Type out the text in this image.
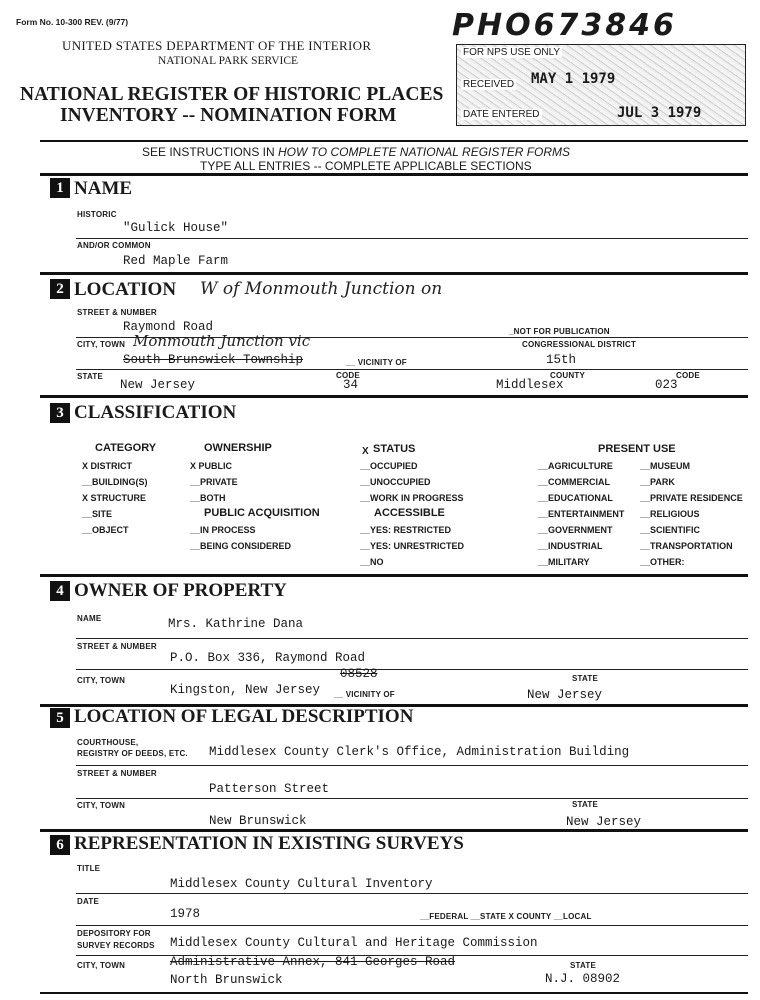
Form No. 10-300 REV. (9/77)
UNITED STATES DEPARTMENT OF THE INTERIOR
NATIONAL PARK SERVICE
NATIONAL REGISTER OF HISTORIC PLACES
INVENTORY -- NOMINATION FORM
PHO673846
FOR NPS USE ONLY
RECEIVED MAY 1 1979
DATE ENTERED	JUL 3 1979
SEE INSTRUCTIONS IN HOW TO COMPLETE NATIONAL REGISTER FORMS
TYPE ALL ENTRIES -- COMPLETE APPLICABLE SECTIONS
1 NAME
HISTORIC
"Gulick House"
AND/OR COMMON
Red Maple Farm
2 LOCATION W of Monmouth Junction on
STREET & NUMBER
Raymond Road	_NOT FOR PUBLICATION
CITY, TOWN Monmouth Junction vic	CONGRESSIONAL DISTRICT
South Brunswick Township	__ VICINITY OF	15th
STATE
New Jersey
CODE
34
COUNTY
Middlesex
CODE
023
3 CLASSIFICATION
CATEGORY
X DISTRICT
__BUILDING(S)
X STRUCTURE
__SITE
__OBJECT
OWNERSHIP
X PUBLIC
__PRIVATE
__BOTH
PUBLIC ACQUISITION
__IN PROCESS
__BEING CONSIDERED
X STATUS
__OCCUPIED
__UNOCCUPIED
__WORK IN PROGRESS
ACCESSIBLE
__YES: RESTRICTED
__YES: UNRESTRICTED
__NO
PRESENT USE
__AGRICULTURE
__COMMERCIAL
__EDUCATIONAL
__ENTERTAINMENT
__GOVERNMENT
__INDUSTRIAL
__MILITARY
__MUSEUM
__PARK
__PRIVATE RESIDENCE
__RELIGIOUS
__SCIENTIFIC
__TRANSPORTATION
__OTHER:
4 OWNER OF PROPERTY
NAME	Mrs. Kathrine Dana
STREET & NUMBER
P.O. Box 336, Raymond Road
08528
CITY, TOWN
Kingston, New Jersey __ VICINITY OF
STATE
New Jersey
5 LOCATION OF LEGAL DESCRIPTION
COURTHOUSE,
REGISTRY OF DEEDS, ETC. Middlesex County Clerk's Office, Administration Building
STREET & NUMBER
Patterson Street
CITY, TOWN	STATE
New Brunswick	New Jersey
6 REPRESENTATION IN EXISTING SURVEYS
TITLE
Middlesex County Cultural Inventory
DATE
1978	__FEDERAL __STATE X COUNTY __LOCAL
DEPOSITORY FOR
SURVEY RECORDS Middlesex County Cultural and Heritage Commission
CITY, TOWN	Administrative Annex, 841 Georges Road	STATE
North Brunswick	N.J. 08902
